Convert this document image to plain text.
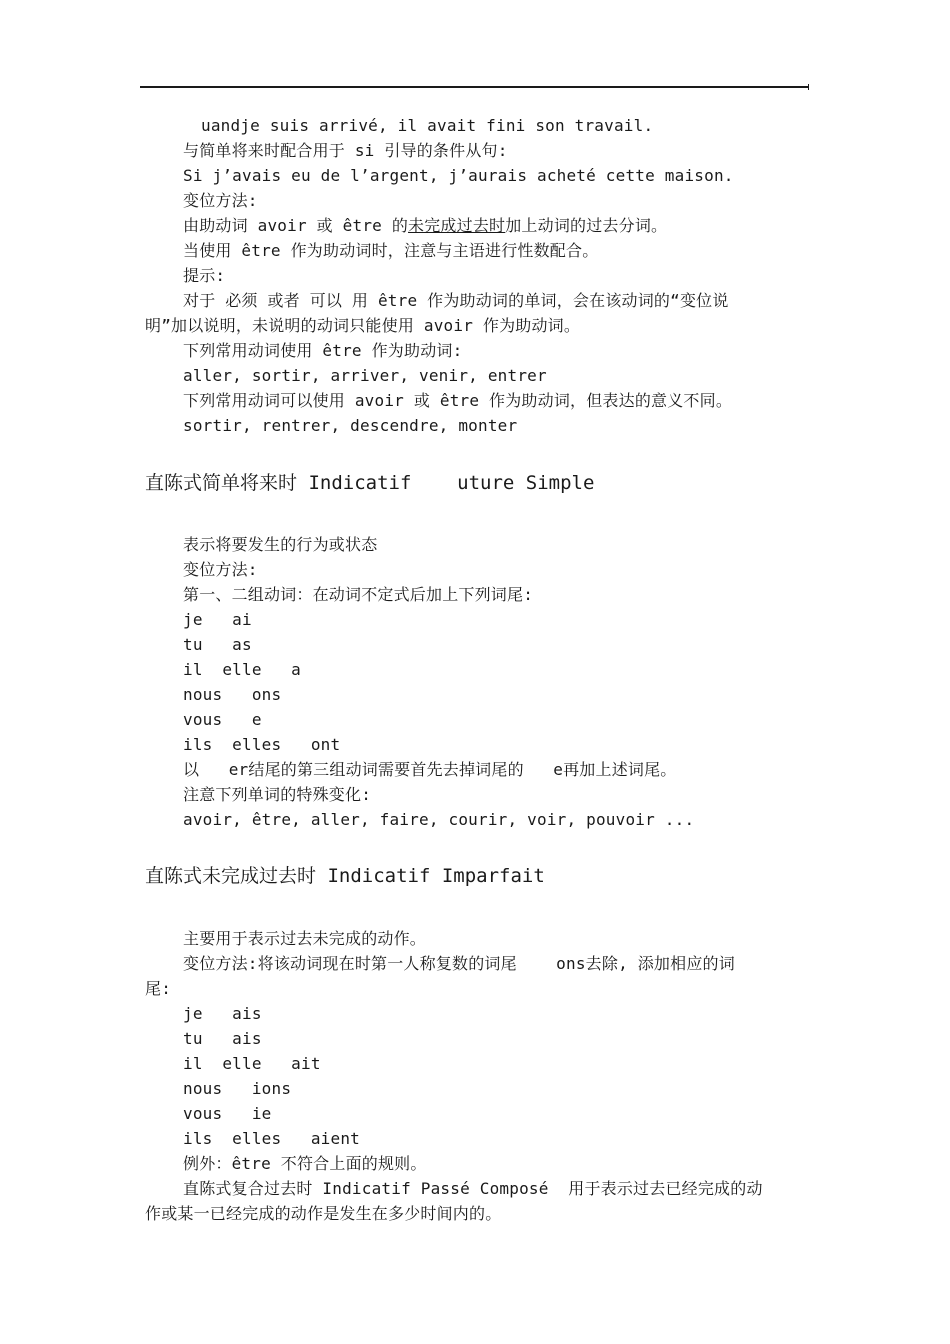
uandje suis arrivé, il avait fini son travail.
与简单将来时配合用于 si 引导的条件从句:
Si j’avais eu de l’argent, j’aurais acheté cette maison.
变位方法:
由助动词 avoir 或 être 的未完成过去时加上动词的过去分词。
当使用 être 作为助动词时，注意与主语进行性数配合。
提示:
对于 必须 或者 可以 用 être 作为助动词的单词，会在该动词的“变位说
明”加以说明，未说明的动词只能使用 avoir 作为助动词。
下列常用动词使用 être 作为助动词:
aller, sortir, arriver, venir, entrer
下列常用动词可以使用 avoir 或 être 作为助动词，但表达的意义不同。
sortir, rentrer, descendre, monter
直陈式简单将来时 Indicatif    uture Simple
表示将要发生的行为或状态
变位方法:
第一、二组动词：在动词不定式后加上下列词尾:
je   ai
tu   as
il  elle   a
nous   ons
vous   e
ils  elles   ont
以   er结尾的第三组动词需要首先去掉词尾的   e再加上述词尾。
注意下列单词的特殊变化:
avoir, être, aller, faire, courir, voir, pouvoir ...
直陈式未完成过去时 Indicatif Imparfait
主要用于表示过去未完成的动作。
变位方法:将该动词现在时第一人称复数的词尾    ons去除, 添加相应的词
尾:
je   ais
tu   ais
il  elle   ait
nous   ions
vous   ie
ils  elles   aient
例外：être 不符合上面的规则。
直陈式复合过去时 Indicatif Passé Composé  用于表示过去已经完成的动
作或某一已经完成的动作是发生在多少时间内的。
